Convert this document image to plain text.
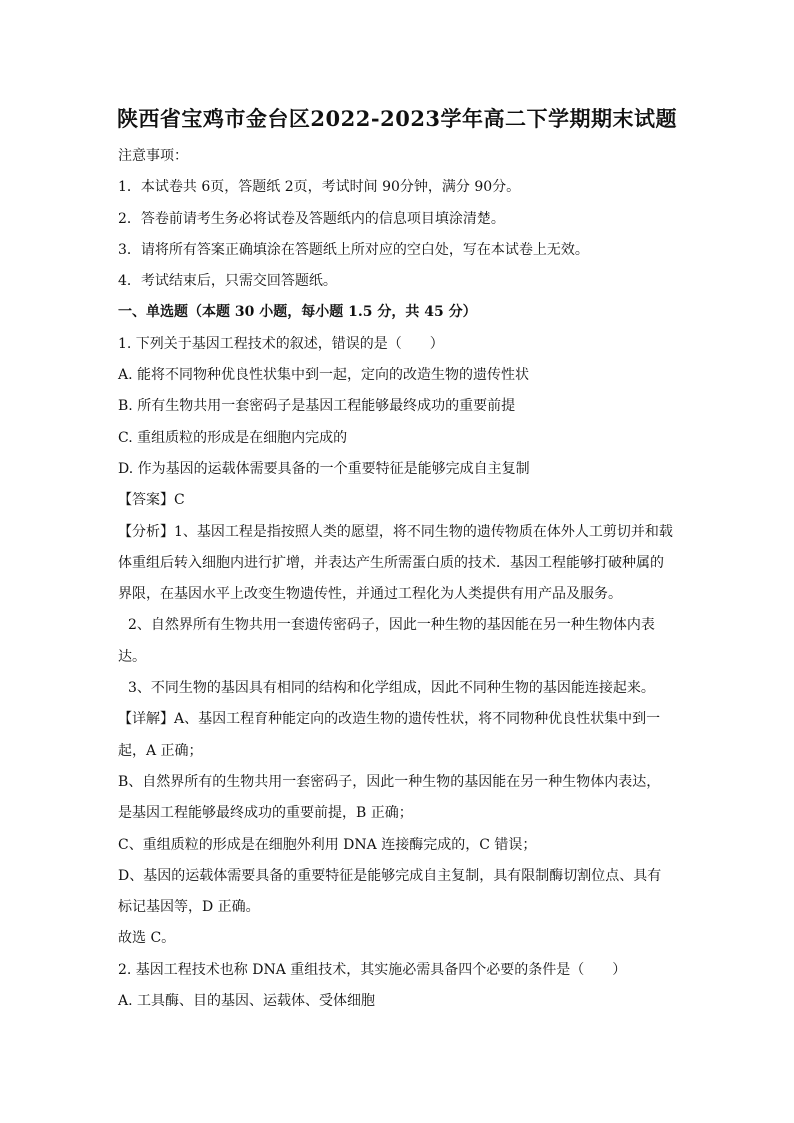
陕西省宝鸡市金台区2022-2023学年高二下学期期末试题

注意事项：

1．本试卷共 6页，答题纸 2页，考试时间 90分钟，满分 90分。

2．答卷前请考生务必将试卷及答题纸内的信息项目填涂清楚。

3．请将所有答案正确填涂在答题纸上所对应的空白处，写在本试卷上无效。

4．考试结束后，只需交回答题纸。

一、单选题（本题 30 小题，每小题 1.5 分，共 45 分）

1. 下列关于基因工程技术的叙述，错误的是（　　）

A. 能将不同物种优良性状集中到一起，定向的改造生物的遗传性状

B. 所有生物共用一套密码子是基因工程能够最终成功的重要前提

C. 重组质粒的形成是在细胞内完成的

D. 作为基因的运载体需要具备的一个重要特征是能够完成自主复制

【答案】C

【分析】1、基因工程是指按照人类的愿望，将不同生物的遗传物质在体外人工剪切并和载

体重组后转入细胞内进行扩增，并表达产生所需蛋白质的技术．基因工程能够打破种属的

界限，在基因水平上改变生物遗传性，并通过工程化为人类提供有用产品及服务。

2、自然界所有生物共用一套遗传密码子，因此一种生物的基因能在另一种生物体内表

达。

3、不同生物的基因具有相同的结构和化学组成，因此不同种生物的基因能连接起来。

【详解】A、基因工程育种能定向的改造生物的遗传性状，将不同物种优良性状集中到一

起，A 正确；

B、自然界所有的生物共用一套密码子，因此一种生物的基因能在另一种生物体内表达，

是基因工程能够最终成功的重要前提，B 正确；

C、重组质粒的形成是在细胞外利用 DNA 连接酶完成的，C 错误；

D、基因的运载体需要具备的重要特征是能够完成自主复制，具有限制酶切割位点、具有

标记基因等，D 正确。

故选 C。

2. 基因工程技术也称 DNA 重组技术，其实施必需具备四个必要的条件是（　　）

A. 工具酶、目的基因、运载体、受体细胞
